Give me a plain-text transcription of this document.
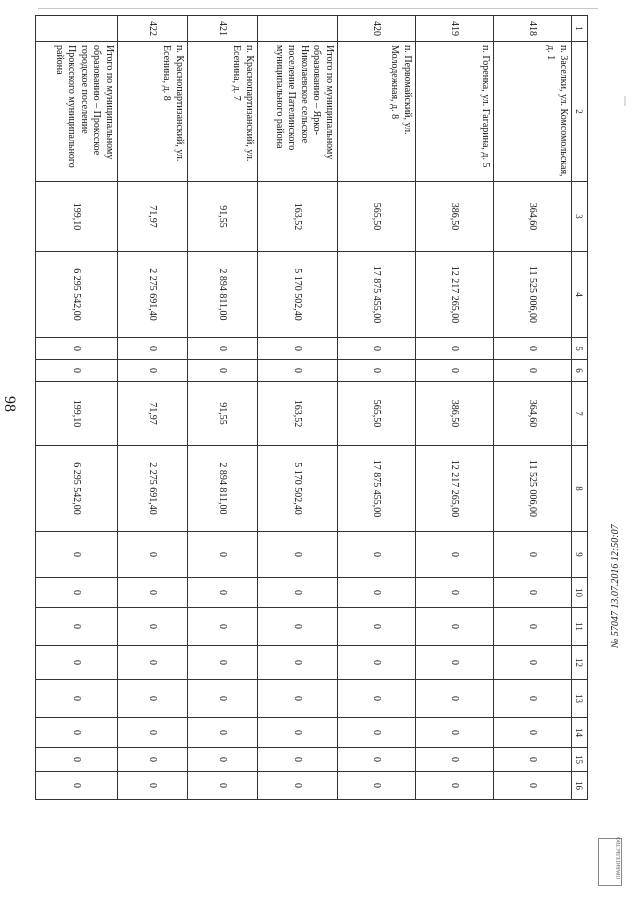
98
1	2	3	4	5	6	7	8	9	10	11	12	13	14	15	16
418	п. Заселки, ул. Комсомольская, д. 1	364,60	11 525 006,00	0	0	364,60	11 525 006,00	0	0	0	0	0	0	0	0
419	п. Горенка, ул. Гагарина, д. 5	386,50	12 217 265,00	0	0	386,50	12 217 265,00	0	0	0	0	0	0	0	0
420	п. Первомайский, ул. Молодежная, д. 8	565,50	17 875 455,00	0	0	565,50	17 875 455,00	0	0	0	0	0	0	0	0
	Итого по муниципальному образованию – Ярко-Николаевское сельское поселение Пателинского муниципального района	163,52	5 170 502,40	0	0	163,52	5 170 502,40	0	0	0	0	0	0	0	0
421	п. Краснопартизанский, ул. Есенина, д. 7	91,55	2 894 811,00	0	0	91,55	2 894 811,00	0	0	0	0	0	0	0	0
422	п. Краснопартизанский, ул. Есенина, д. 8	71,97	2 275 691,40	0	0	71,97	2 275 691,40	0	0	0	0	0	0	0	0
	Итого по муниципальному образованию – Проксское городское поселение Проксского муниципального района	199,10	6 295 542,00	0	0	199,10	6 295 542,00	0	0	0	0	0	0	0	0
№ 57047 13.07.2016 12:50:07
ПРАВИТЕЛЬСТВО
